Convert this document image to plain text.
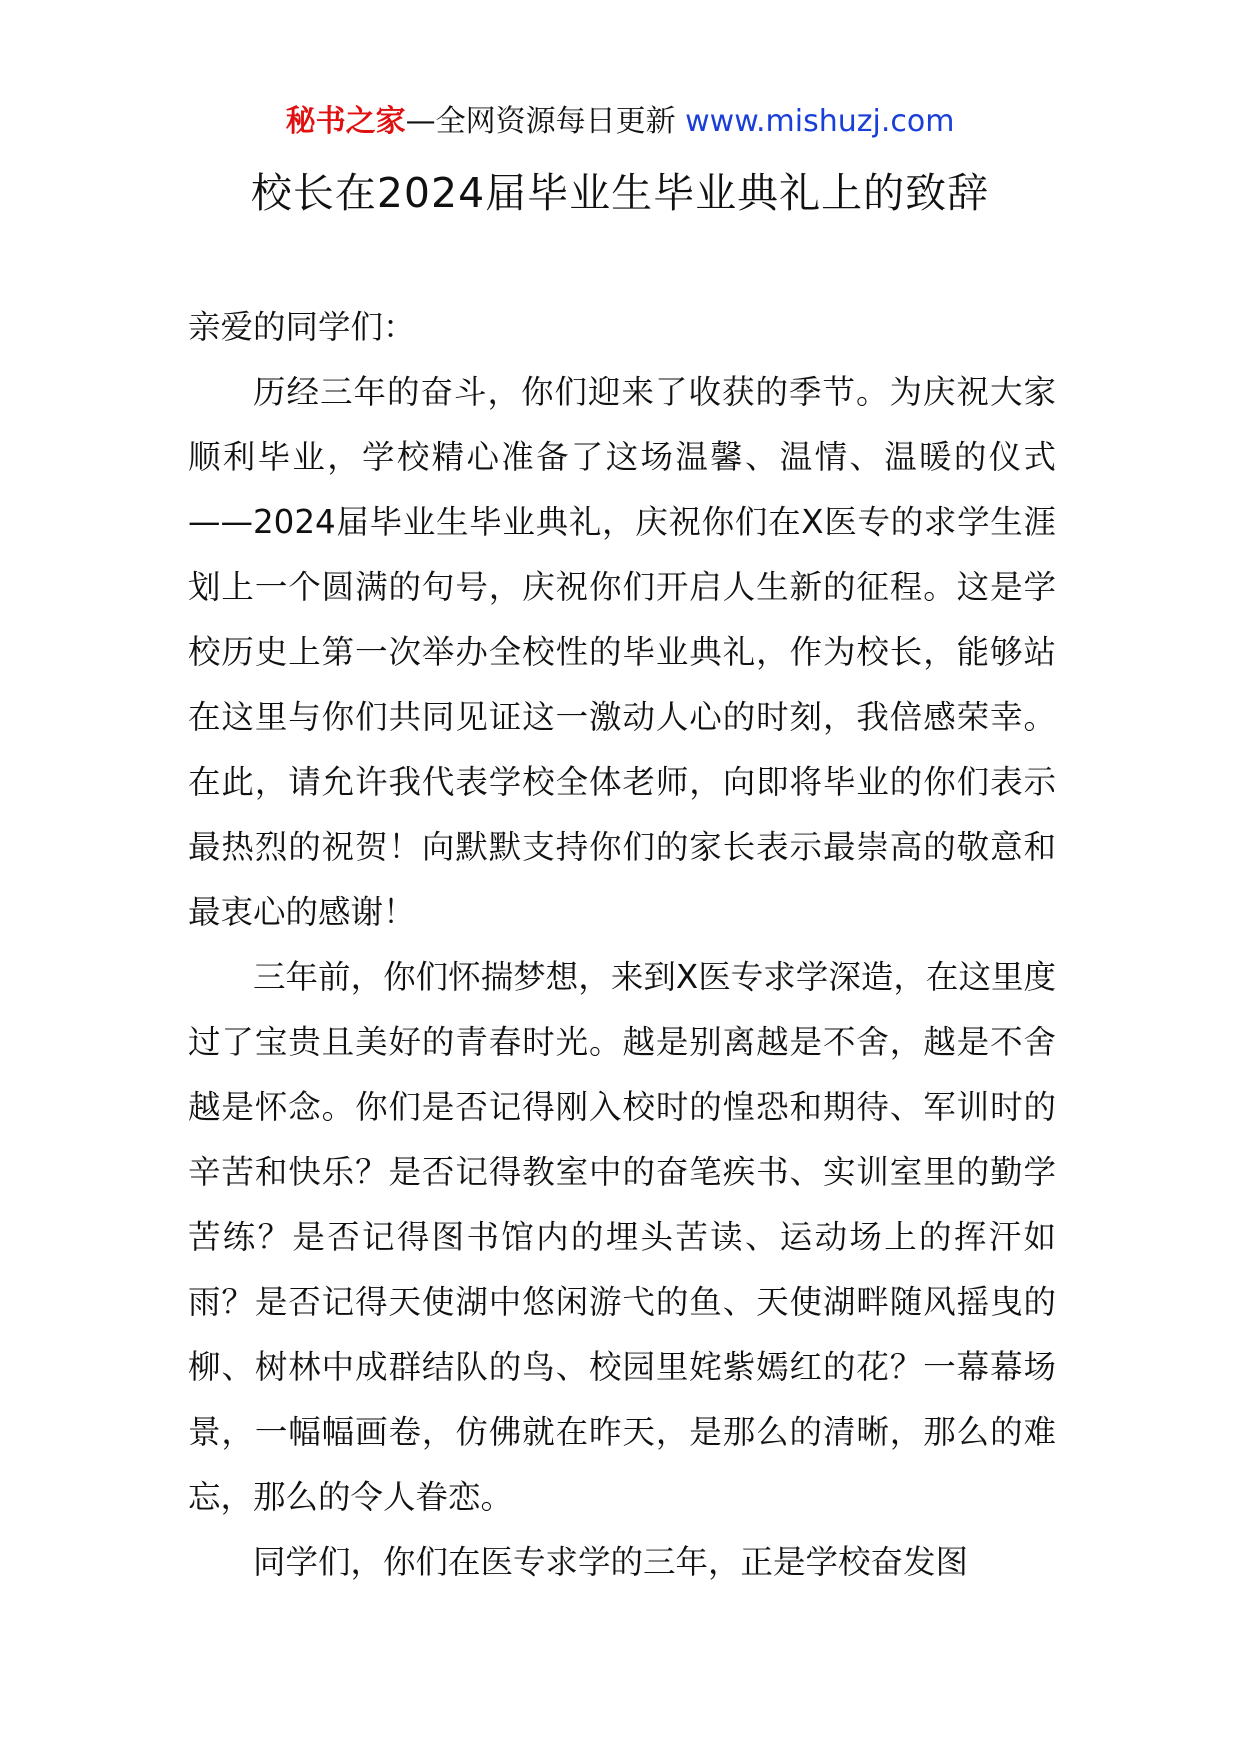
秘书之家—全网资源每日更新 www.mishuzj.com
校长在2024届毕业生毕业典礼上的致辞

亲爱的同学们：

历经三年的奋斗，你们迎来了收获的季节。为庆祝大家顺利毕业，学校精心准备了这场温馨、温情、温暖的仪式——2024届毕业生毕业典礼，庆祝你们在X医专的求学生涯划上一个圆满的句号，庆祝你们开启人生新的征程。这是学校历史上第一次举办全校性的毕业典礼，作为校长，能够站在这里与你们共同见证这一激动人心的时刻，我倍感荣幸。在此，请允许我代表学校全体老师，向即将毕业的你们表示最热烈的祝贺！向默默支持你们的家长表示最崇高的敬意和最衷心的感谢！

三年前，你们怀揣梦想，来到X医专求学深造，在这里度过了宝贵且美好的青春时光。越是别离越是不舍，越是不舍越是怀念。你们是否记得刚入校时的惶恐和期待、军训时的辛苦和快乐？是否记得教室中的奋笔疾书、实训室里的勤学苦练？是否记得图书馆内的埋头苦读、运动场上的挥汗如雨？是否记得天使湖中悠闲游弋的鱼、天使湖畔随风摇曳的柳、树林中成群结队的鸟、校园里姹紫嫣红的花？一幕幕场景，一幅幅画卷，仿佛就在昨天，是那么的清晰，那么的难忘，那么的令人眷恋。

同学们，你们在医专求学的三年，正是学校奋发图
